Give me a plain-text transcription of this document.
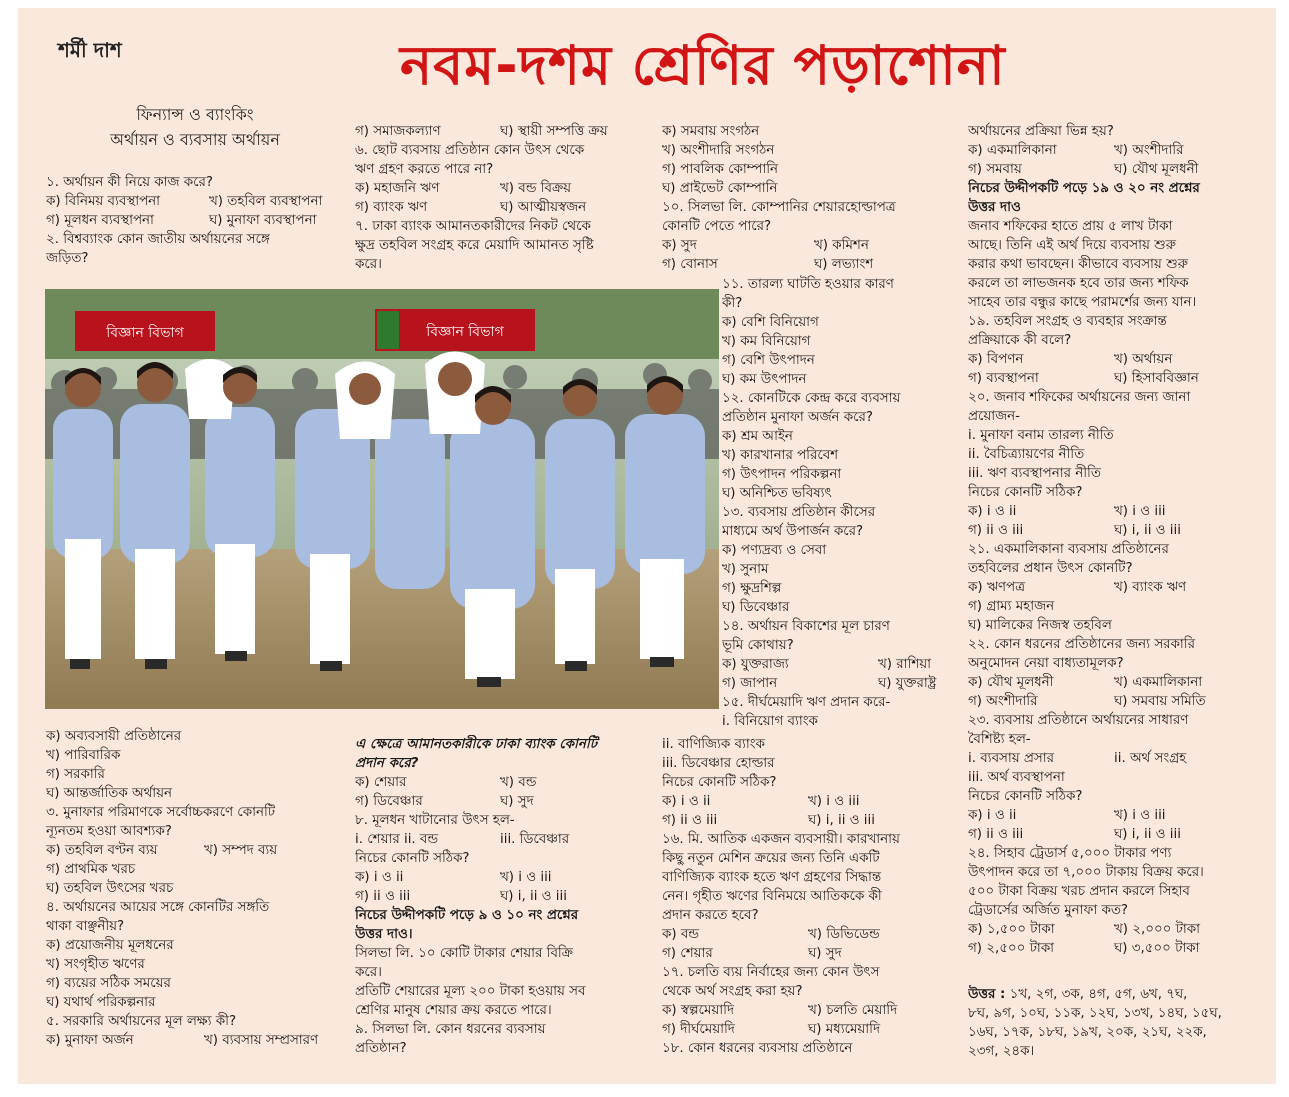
শর্মী দাশ	নবম-দশম শ্রেণির পড়াশোনা
ফিন্যান্স ও ব্যাংকিং
অর্থায়ন ও ব্যবসায় অর্থায়ন
১. অর্থায়ন কী নিয়ে কাজ করে?
ক) বিনিময় ব্যবস্থাপনা	খ) তহবিল ব্যবস্থাপনা
গ) মূলধন ব্যবস্থাপনা	ঘ) মুনাফা ব্যবস্থাপনা
২. বিশ্বব্যাংক কোন জাতীয় অর্থায়নের সঙ্গে
জড়িত?
ক) অব্যবসায়ী প্রতিষ্ঠানের
খ) পারিবারিক
গ) সরকারি
ঘ) আন্তর্জাতিক অর্থায়ন
৩. মুনাফার পরিমাণকে সর্বোচ্চকরণে কোনটি
ন্যূনতম হওয়া আবশ্যক?
ক) তহবিল বণ্টন ব্যয়	খ) সম্পদ ব্যয়
গ) প্রাথমিক খরচ
ঘ) তহবিল উৎসের খরচ
৪. অর্থায়নের আয়ের সঙ্গে কোনটির সঙ্গতি
থাকা বাঞ্ছনীয়?
ক) প্রয়োজনীয় মূলধনের
খ) সংগৃহীত ঋণের
গ) ব্যয়ের সঠিক সময়ের
ঘ) যথার্থ পরিকল্পনার
৫. সরকারি অর্থায়নের মূল লক্ষ্য কী?
ক) মুনাফা অর্জন	খ) ব্যবসায় সম্প্রসারণ
গ) সমাজকল্যাণ	ঘ) স্থায়ী সম্পত্তি ক্রয়
৬. ছোট ব্যবসায় প্রতিষ্ঠান কোন উৎস থেকে
ঋণ গ্রহণ করতে পারে না?
ক) মহাজনি ঋণ	খ) বন্ড বিক্রয়
গ) ব্যাংক ঋণ	ঘ) আত্মীয়স্বজন
৭. ঢাকা ব্যাংক আমানতকারীদের নিকট থেকে
ক্ষুদ্র তহবিল সংগ্রহ করে মেয়াদি আমানত সৃষ্টি
করে।
ক) সমবায় সংগঠন
খ) অংশীদারি সংগঠন
গ) পাবলিক কোম্পানি
ঘ) প্রাইভেট কোম্পানি
১০. সিলভা লি. কোম্পানির শেয়ারহোল্ডাপত্র
কোনটি পেতে পারে?
ক) সুদ	খ) কমিশন
গ) বোনাস	ঘ) লভ্যাংশ
১১. তারল্য ঘাটতি হওয়ার কারণ
কী?
ক) বেশি বিনিয়োগ
খ) কম বিনিয়োগ
গ) বেশি উৎপাদন
ঘ) কম উৎপাদন
১২. কোনটিকে কেন্দ্র করে ব্যবসায়
প্রতিষ্ঠান মুনাফা অর্জন করে?
ক) শ্রম আইন
খ) কারখানার পরিবেশ
গ) উৎপাদন পরিকল্পনা
ঘ) অনিশ্চিত ভবিষ্যৎ
১৩. ব্যবসায় প্রতিষ্ঠান কীসের
মাধ্যমে অর্থ উপার্জন করে?
ক) পণ্যদ্রব্য ও সেবা
খ) সুনাম
গ) ক্ষুদ্রশিল্প
ঘ) ডিবেঞ্চার
১৪. অর্থায়ন বিকাশের মূল চারণ
ভূমি কোথায়?
ক) যুক্তরাজ্য	খ) রাশিয়া
গ) জাপান	ঘ) যুক্তরাষ্ট্র
১৫. দীর্ঘমেয়াদি ঋণ প্রদান করে-
i. বিনিয়োগ ব্যাংক
ii. বাণিজ্যিক ব্যাংক
iii. ডিবেঞ্চার হোল্ডার
নিচের কোনটি সঠিক?
ক) i ও ii	খ) i ও iii
গ) ii ও iii	ঘ) i, ii ও iii
১৬. মি. আতিক একজন ব্যবসায়ী। কারখানায়
কিছু নতুন মেশিন ক্রয়ের জন্য তিনি একটি
বাণিজ্যিক ব্যাংক হতে ঋণ গ্রহণের সিদ্ধান্ত
নেন। গৃহীত ঋণের বিনিময়ে আতিককে কী
প্রদান করতে হবে?
ক) বন্ড	খ) ডিভিডেন্ড
গ) শেয়ার	ঘ) সুদ
১৭. চলতি ব্যয় নির্বাহের জন্য কোন উৎস
থেকে অর্থ সংগ্রহ করা হয়?
ক) স্বল্পমেয়াদি	খ) চলতি মেয়াদি
গ) দীর্ঘমেয়াদি	ঘ) মধ্যমেয়াদি
১৮. কোন ধরনের ব্যবসায় প্রতিষ্ঠানে
অর্থায়নের প্রক্রিয়া ভিন্ন হয়?
ক) একমালিকানা	খ) অংশীদারি
গ) সমবায়	ঘ) যৌথ মূলধনী
নিচের উদ্দীপকটি পড়ে ১৯ ও ২০ নং প্রশ্নের
উত্তর দাও
জনাব শফিকের হাতে প্রায় ৫ লাখ টাকা
আছে। তিনি এই অর্থ দিয়ে ব্যবসায় শুরু
করার কথা ভাবছেন। কীভাবে ব্যবসায় শুরু
করলে তা লাভজনক হবে তার জন্য শফিক
সাহেব তার বন্ধুর কাছে পরামর্শের জন্য যান।
১৯. তহবিল সংগ্রহ ও ব্যবহার সংক্রান্ত
প্রক্রিয়াকে কী বলে?
ক) বিপণন	খ) অর্থায়ন
গ) ব্যবস্থাপনা	ঘ) হিসাববিজ্ঞান
২০. জনাব শফিকের অর্থায়নের জন্য জানা
প্রয়োজন-
i. মুনাফা বনাম তারল্য নীতি
ii. বৈচিত্র্যায়ণের নীতি
iii. ঋণ ব্যবস্থাপনার নীতি
নিচের কোনটি সঠিক?
ক) i ও ii	খ) i ও iii
গ) ii ও iii	ঘ) i, ii ও iii
২১. একমালিকানা ব্যবসায় প্রতিষ্ঠানের
তহবিলের প্রধান উৎস কোনটি?
ক) ঋণপত্র	খ) ব্যাংক ঋণ
গ) গ্রাম্য মহাজন
ঘ) মালিকের নিজস্ব তহবিল
২২. কোন ধরনের প্রতিষ্ঠানের জন্য সরকারি
অনুমোদন নেয়া বাধ্যতামূলক?
ক) যৌথ মূলধনী	খ) একমালিকানা
গ) অংশীদারি	ঘ) সমবায় সমিতি
২৩. ব্যবসায় প্রতিষ্ঠানে অর্থায়নের সাধারণ
বৈশিষ্ট্য হল-
i. ব্যবসায় প্রসার	ii. অর্থ সংগ্রহ
iii. অর্থ ব্যবস্থাপনা
নিচের কোনটি সঠিক?
ক) i ও ii	খ) i ও iii
গ) ii ও iii	ঘ) i, ii ও iii
২৪. সিহাব ট্রেডার্স ৫,০০০ টাকার পণ্য
উৎপাদন করে তা ৭,০০০ টাকায় বিক্রয় করে।
৫০০ টাকা বিক্রয় খরচ প্রদান করলে সিহাব
ট্রেডার্সের অর্জিত মুনাফা কত?
ক) ১,৫০০ টাকা	খ) ২,০০০ টাকা
গ) ২,৫০০ টাকা	ঘ) ৩,৫০০ টাকা
এ ক্ষেত্রে আমানতকারীকে ঢাকা ব্যাংক কোনটি
প্রদান করে?
ক) শেয়ার	খ) বন্ড
গ) ডিবেঞ্চার	ঘ) সুদ
৮. মূলধন খাটানোর উৎস হল-
i. শেয়ার ii. বন্ড	iii. ডিবেঞ্চার
নিচের কোনটি সঠিক?
ক) i ও ii	খ) i ও iii
গ) ii ও iii	ঘ) i, ii ও iii
নিচের উদ্দীপকটি পড়ে ৯ ও ১০ নং প্রশ্নের
উত্তর দাও।
সিলভা লি. ১০ কোটি টাকার শেয়ার বিক্রি
করে।
প্রতিটি শেয়ারের মূল্য ২০০ টাকা হওয়ায় সব
শ্রেণির মানুষ শেয়ার ক্রয় করতে পারে।
৯. সিলভা লি. কোন ধরনের ব্যবসায়
প্রতিষ্ঠান?
উত্তর : ১খ, ২গ, ৩ক, ৪গ, ৫গ, ৬খ, ৭ঘ,
৮ঘ, ৯গ, ১০ঘ, ১১ক, ১২ঘ, ১৩খ, ১৪ঘ, ১৫ঘ,
১৬ঘ, ১৭ক, ১৮ঘ, ১৯খ, ২০ক, ২১ঘ, ২২ক,
২৩গ, ২৪ক।
বিজ্ঞান বিভাগ	বিজ্ঞান বিভাগ
